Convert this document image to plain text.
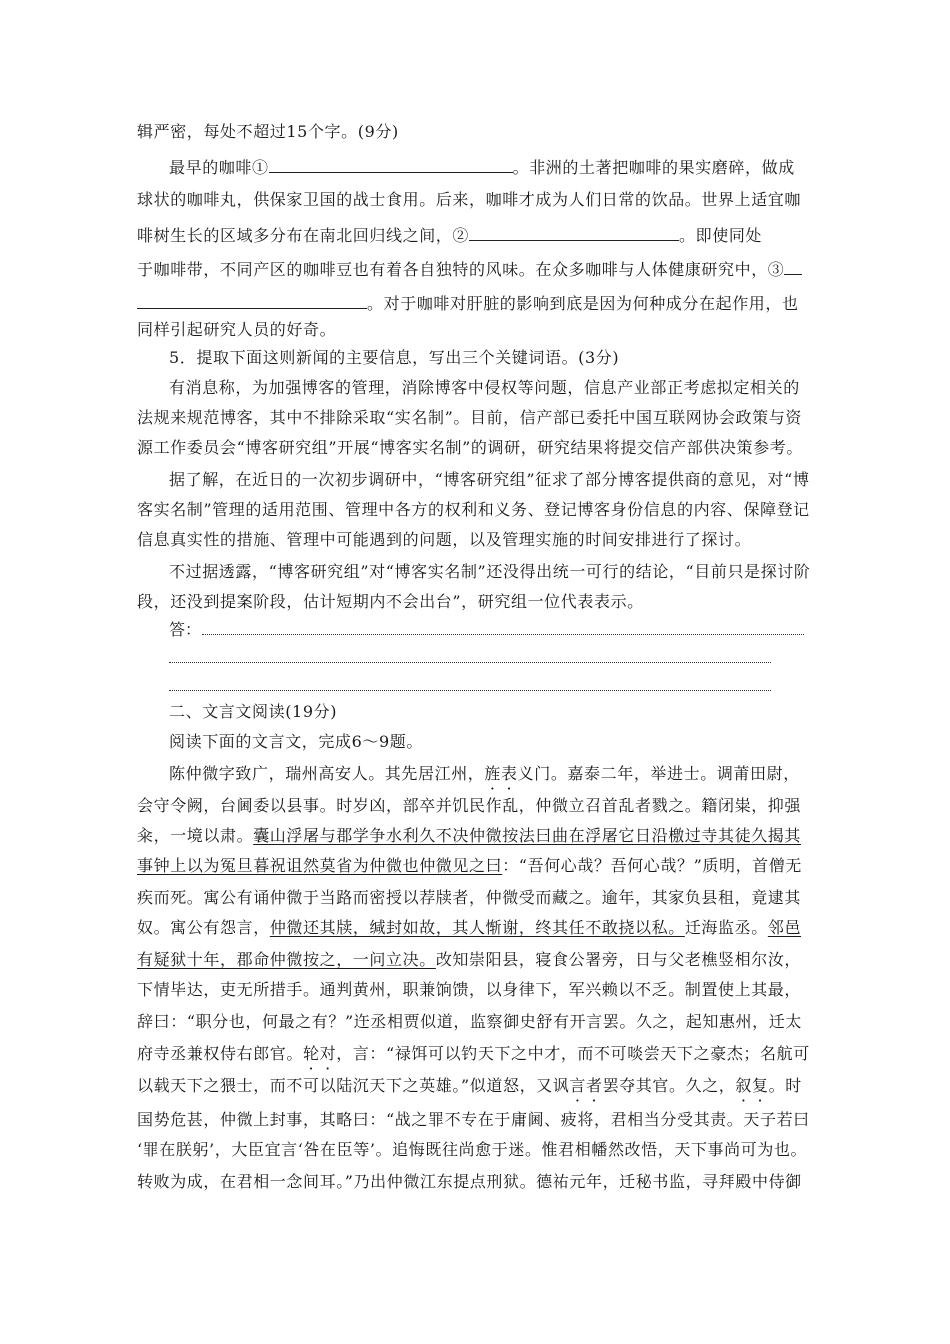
辑严密，每处不超过15个字。(9分)
最早的咖啡①	。非洲的土著把咖啡的果实磨碎，做成
球状的咖啡丸，供保家卫国的战士食用。后来，咖啡才成为人们日常的饮品。世界上适宜咖
啡树生长的区域多分布在南北回归线之间，②	。即使同处
于咖啡带，不同产区的咖啡豆也有着各自独特的风味。在众多咖啡与人体健康研究中，③
。对于咖啡对肝脏的影响到底是因为何种成分在起作用，也
同样引起研究人员的好奇。
5．提取下面这则新闻的主要信息，写出三个关键词语。(3分)
有消息称，为加强博客的管理，消除博客中侵权等问题，信息产业部正考虑拟定相关的
法规来规范博客，其中不排除采取“实名制”。目前，信产部已委托中国互联网协会政策与资
源工作委员会“博客研究组”开展“博客实名制”的调研，研究结果将提交信产部供决策参考。
据了解，在近日的一次初步调研中，“博客研究组”征求了部分博客提供商的意见，对“博
客实名制”管理的适用范围、管理中各方的权利和义务、登记博客身份信息的内容、保障登记
信息真实性的措施、管理中可能遇到的问题，以及管理实施的时间安排进行了探讨。
不过据透露，“博客研究组”对“博客实名制”还没得出统一可行的结论，“目前只是探讨阶
段，还没到提案阶段，估计短期内不会出台”，研究组一位代表表示。
答：
二、文言文阅读(19分)
阅读下面的文言文，完成6～9题。
陈仲微字致广，瑞州高安人。其先居江州，旌表义门。嘉泰二年，举进士。调莆田尉，
会守令阙，台阃委以县事。时岁凶，部卒并饥民作乱，仲微立召首乱者戮之。籍闭粜，抑强
籴，一境以肃。囊山浮屠与郡学争水利久不决仲微按法曰曲在浮屠它日沿檄过寺其徒久揭其
事钟上以为冤旦暮祝诅然莫省为仲微也仲微见之曰：“吾何心哉？吾何心哉？”质明，首僧无
疾而死。寓公有诵仲微于当路而密授以荐牍者，仲微受而藏之。逾年，其家负县租，竟逮其
奴。寓公有怨言，仲微还其牍，缄封如故，其人惭谢，终其任不敢挠以私。迁海监丞。邻邑
有疑狱十年，郡命仲微按之，一问立决。改知崇阳县，寝食公署旁，日与父老樵竖相尔汝，
下情毕达，吏无所措手。通判黄州，职兼饷馈，以身律下，军兴赖以不乏。制置使上其最，
辞曰：“职分也，何最之有？”迕丞相贾似道，监察御史舒有开言罢。久之，起知惠州，迁太
府寺丞兼权侍右郎官。轮对，言：“禄饵可以钓天下之中才，而不可啖尝天下之豪杰；名航可
以载天下之猥士，而不可以陆沉天下之英雄。”似道怒，又讽言者罢夺其官。久之，叙复。时
国势危甚，仲微上封事，其略曰：“战之罪不专在于庸阃、疲将，君相当分受其责。天子若曰
‘罪在朕躬’，大臣宜言‘咎在臣等’。追悔既往尚愈于迷。惟君相幡然改悟，天下事尚可为也。
转败为成，在君相一念间耳。”乃出仲微江东提点刑狱。德祐元年，迁秘书监，寻拜殿中侍御
